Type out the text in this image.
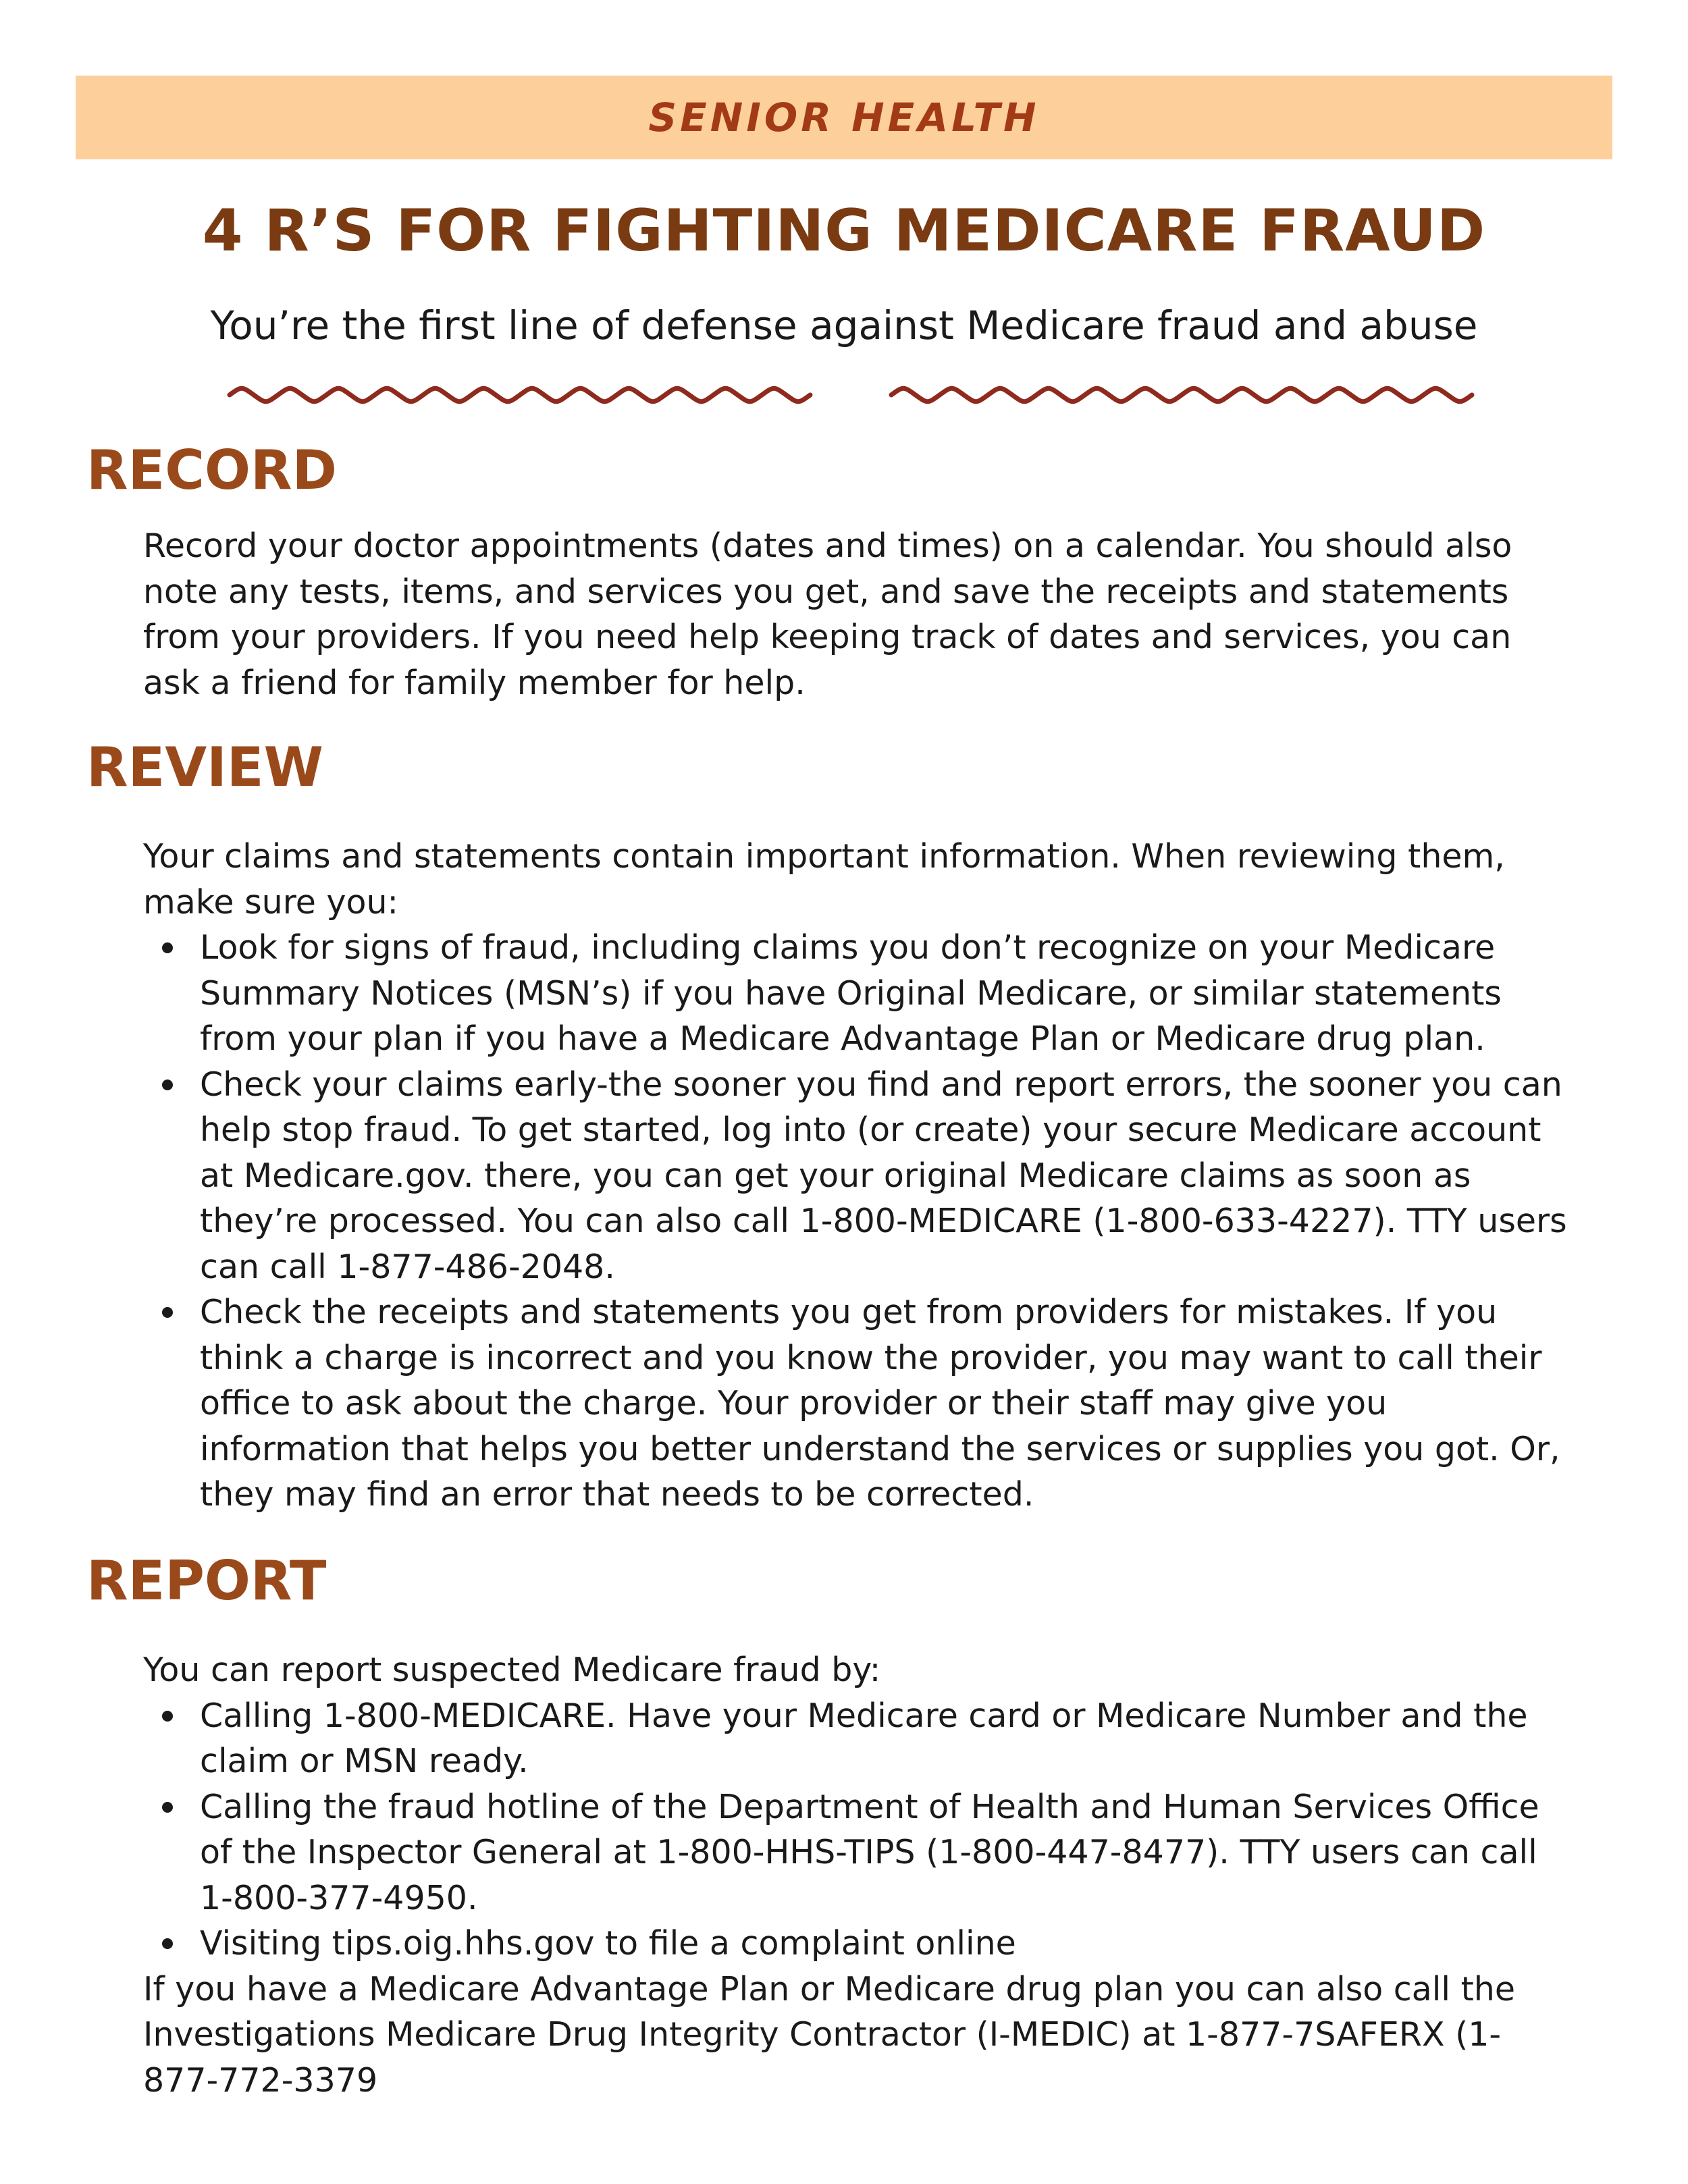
SENIOR HEALTH
4 R’S FOR FIGHTING MEDICARE FRAUD
You’re the first line of defense against Medicare fraud and abuse
RECORD

Record your doctor appointments (dates and times) on a calendar. You should also note any tests, items, and services you get, and save the receipts and statements from your providers. If you need help keeping track of dates and services, you can ask a friend for family member for help.

REVIEW

Your claims and statements contain important information. When reviewing them, make sure you:

Look for signs of fraud, including claims you don’t recognize on your Medicare Summary Notices (MSN’s) if you have Original Medicare, or similar statements from your plan if you have a Medicare Advantage Plan or Medicare drug plan.
Check your claims early-the sooner you find and report errors, the sooner you can help stop fraud. To get started, log into (or create) your secure Medicare account at Medicare.gov. there, you can get your original Medicare claims as soon as they’re processed. You can also call 1-800-MEDICARE (1-800-633-4227). TTY users can call 1-877-486-2048.
Check the receipts and statements you get from providers for mistakes. If you think a charge is incorrect and you know the provider, you may want to call their office to ask about the charge. Your provider or their staff may give you information that helps you better understand the services or supplies you got. Or, they may find an error that needs to be corrected.
REPORT

You can report suspected Medicare fraud by:

Calling 1-800-MEDICARE. Have your Medicare card or Medicare Number and the claim or MSN ready.
Calling the fraud hotline of the Department of Health and Human Services Office of the Inspector General at 1-800-HHS-TIPS (1-800-447-8477). TTY users can call 1-800-377-4950.
Visiting tips.oig.hhs.gov to file a complaint online

If you have a Medicare Advantage Plan or Medicare drug plan you can also call the Investigations Medicare Drug Integrity Contractor (I-MEDIC) at 1-877-7SAFERX (1-877-772-3379
